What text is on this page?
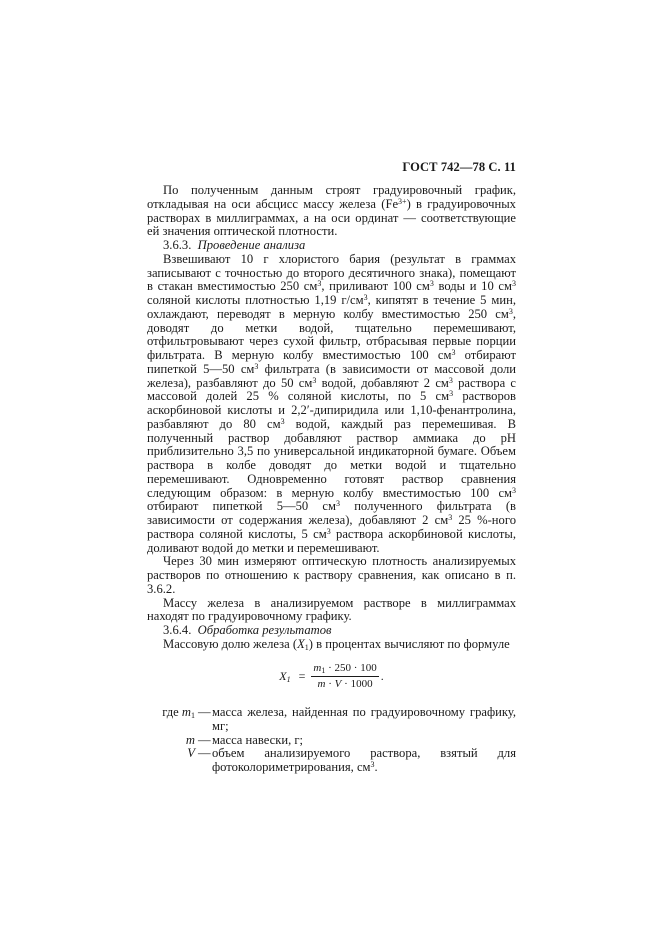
ГОСТ 742—78 С. 11

По полученным данным строят градуировочный график, откладывая на оси абсцисс массу железа $(Fe^{3+})$ в градуировочных растворах в миллиграммах, а на оси ординат — соответствующие ей значения оптической плотности.

3.6.3. Проведение анализа

Взвешивают 10 г хлористого бария (результат в граммах записывают с точностью до второго десятичного знака), помещают в стакан вместимостью 250 $см^3$, приливают 100 $см^3$ воды и 10 $см^3$ соляной кислоты плотностью 1,19 $г/см^3$, кипятят в течение 5 мин, охлаждают, переводят в мерную колбу вместимостью 250 $см^3$, доводят до метки водой, тщательно перемешивают, отфильтровывают через сухой фильтр, отбрасывая первые порции фильтрата. В мерную колбу вместимостью 100 $см^3$ отбирают пипеткой 5—50 $см^3$ фильтрата (в зависимости от массовой доли железа), разбавляют до 50 $см^3$ водой, добавляют 2 $см^3$ раствора с массовой долей 25 % соляной кислоты, по 5 $см^3$ растворов аскорбиновой кислоты и 2,2′-дипиридила или 1,10-фенантролина, разбавляют до 80 $см^3$ водой, каждый раз перемешивая. В полученный раствор добавляют раствор аммиака до pH приблизительно 3,5 по универсальной индикаторной бумаге. Объем раствора в колбе доводят до метки водой и тщательно перемешивают. Одновременно готовят раствор сравнения следующим образом: в мерную колбу вместимостью 100 $см^3$ отбирают пипеткой 5—50 $см^3$ полученного фильтрата (в зависимости от содержания железа), добавляют 2 $см^3$ 25 %-ного раствора соляной кислоты, 5 $см^3$ раствора аскорбиновой кислоты, доливают водой до метки и перемешивают.

Через 30 мин измеряют оптическую плотность анализируемых растворов по отношению к раствору сравнения, как описано в п. 3.6.2.

Массу железа в анализируемом растворе в миллиграммах находят по градуировочному графику.

3.6.4. Обработка результатов

Массовую долю железа $(X_1)$ в процентах вычисляют по формуле

$X_1 = \frac{m_1 \cdot 250 \cdot 100}{m \cdot V \cdot 1000}$ .
где $m_1$ — масса железа, найденная по градуировочному графику, мг;
m — масса навески, г;
V — объем анализируемого раствора, взятый для фотоколориметрирования, $см^3$.
